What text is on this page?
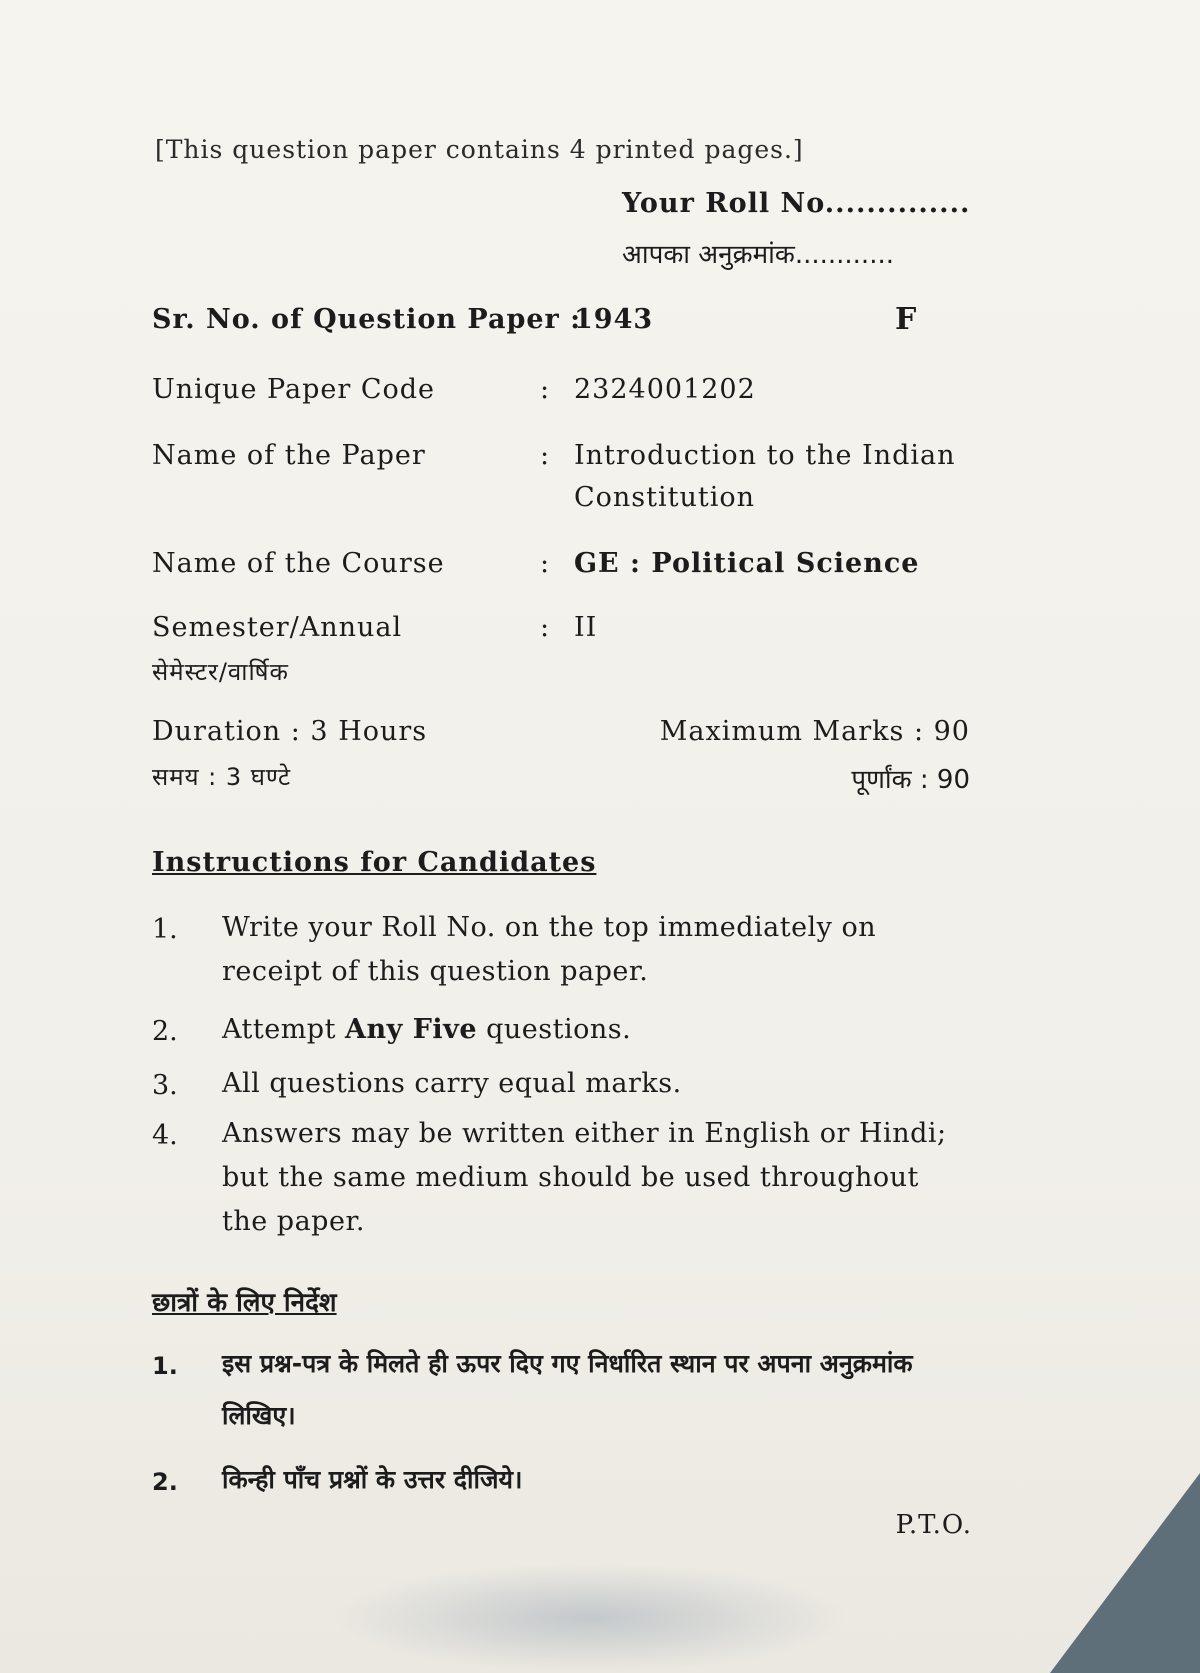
[This question paper contains 4 printed pages.]
Your Roll No..............
आपका अनुक्रमांक............
Sr. No. of Question Paper :
1943	F
Unique Paper Code	: 2324001202
Name of the Paper	: Introduction to the Indian
Constitution
Name of the Course	: GE : Political Science
Semester/Annual
सेमेस्टर/वार्षिक
: II
Duration : 3 Hours
समय : 3 घण्टे
Maximum Marks : 90
पूर्णांक : 90
Instructions for Candidates
1. Write your Roll No. on the top immediately on receipt of this question paper.
2. Attempt Any Five questions.
3. All questions carry equal marks.
4. Answers may be written either in English or Hindi; but the same medium should be used throughout the paper.
छात्रों के लिए निर्देश
1. इस प्रश्न-पत्र के मिलते ही ऊपर दिए गए निर्धारित स्थान पर अपना अनुक्रमांक लिखिए।
2. किन्ही पाँच प्रश्नों के उत्तर दीजिये।
P.T.O.
